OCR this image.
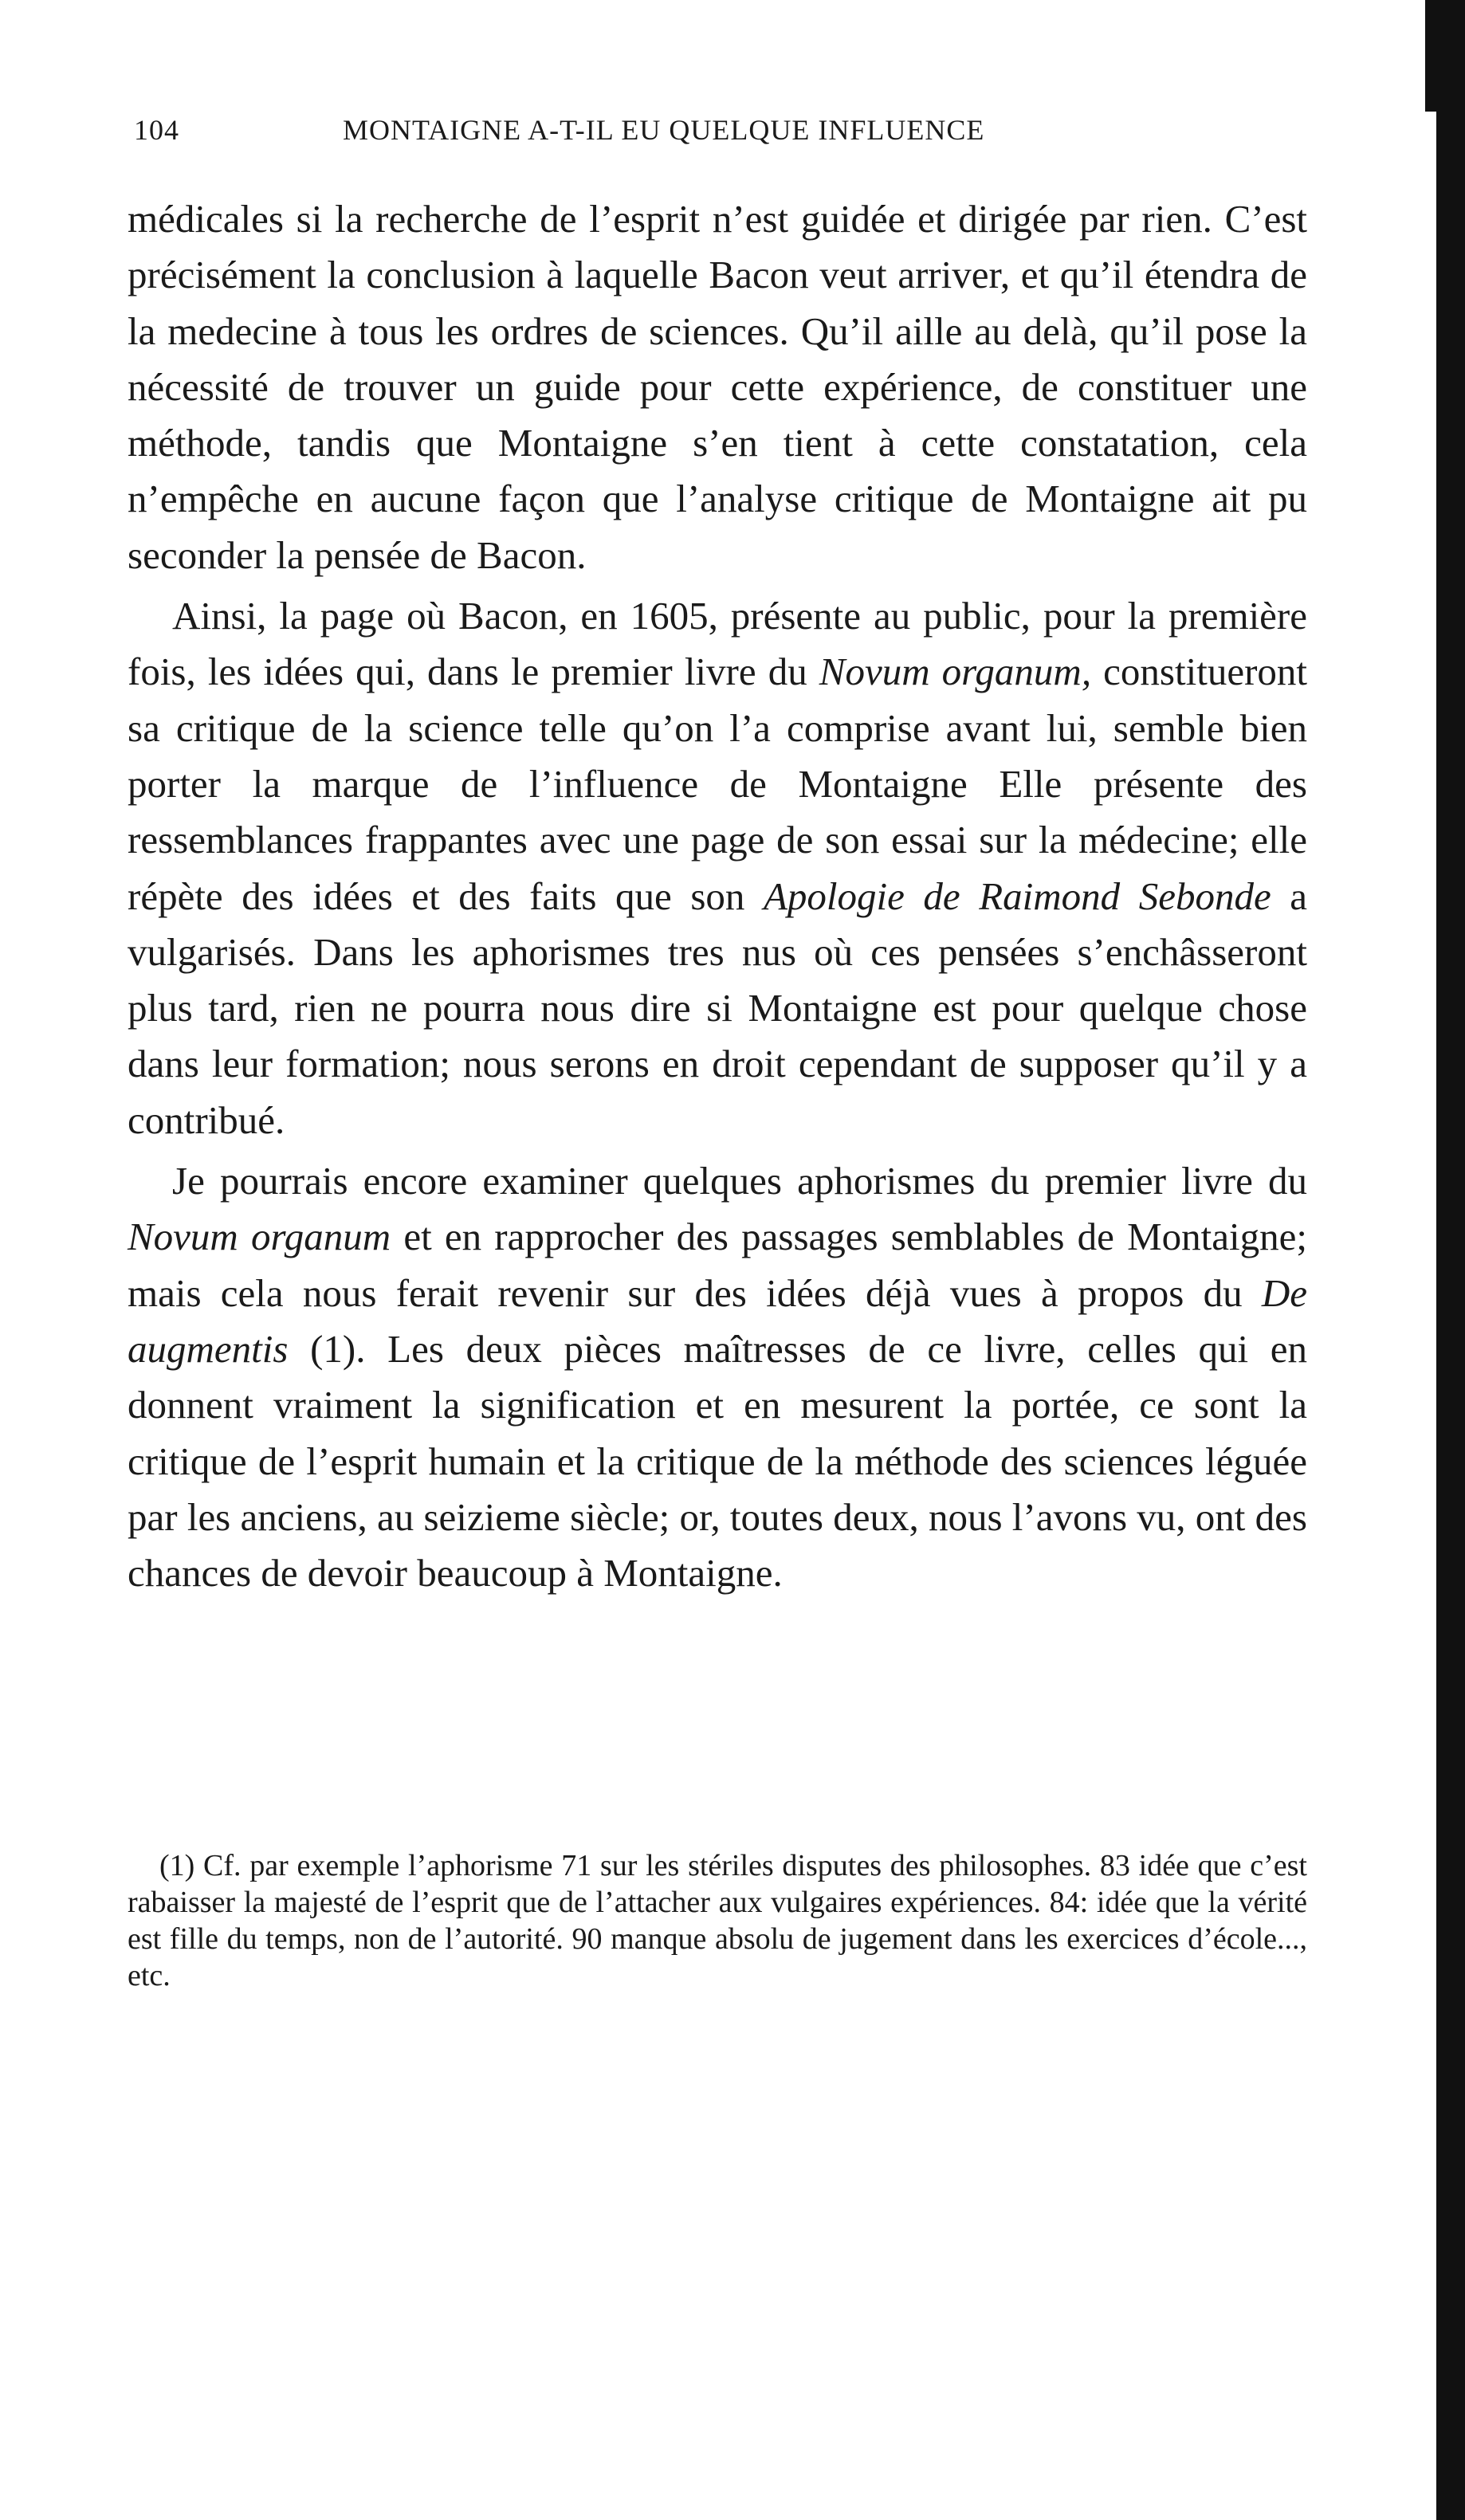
104	MONTAIGNE A-T-IL EU QUELQUE INFLUENCE

médicales si la recherche de l’esprit n’est guidée et dirigée par rien. C’est précisément la conclusion à laquelle Bacon veut arriver, et qu’il étendra de la medecine à tous les ordres de sciences. Qu’il aille au delà, qu’il pose la nécessité de trouver un guide pour cette expérience, de constituer une méthode, tandis que Montaigne s’en tient à cette constatation, cela n’empêche en aucune façon que l’analyse critique de Montaigne ait pu seconder la pensée de Bacon.

Ainsi, la page où Bacon, en 1605, présente au public, pour la première fois, les idées qui, dans le premier livre du Novum organum, constitueront sa critique de la science telle qu’on l’a comprise avant lui, semble bien porter la marque de l’influence de Montaigne Elle présente des ressemblances frappantes avec une page de son essai sur la médecine; elle répète des idées et des faits que son Apologie de Raimond Sebonde a vulgarisés. Dans les aphorismes tres nus où ces pensées s’enchâsseront plus tard, rien ne pourra nous dire si Montaigne est pour quelque chose dans leur formation; nous serons en droit cependant de supposer qu’il y a contribué.

Je pourrais encore examiner quelques aphorismes du premier livre du Novum organum et en rapprocher des passages semblables de Montaigne; mais cela nous ferait revenir sur des idées déjà vues à propos du De augmentis (1). Les deux pièces maîtresses de ce livre, celles qui en donnent vraiment la signification et en mesurent la portée, ce sont la critique de l’esprit humain et la critique de la méthode des sciences léguée par les anciens, au seizieme siècle; or, toutes deux, nous l’avons vu, ont des chances de devoir beaucoup à Montaigne.

(1) Cf. par exemple l’aphorisme 71 sur les stériles disputes des philosophes. 83 idée que c’est rabaisser la majesté de l’esprit que de l’attacher aux vulgaires expériences. 84: idée que la vérité est fille du temps, non de l’autorité. 90 manque absolu de jugement dans les exercices d’école..., etc.
